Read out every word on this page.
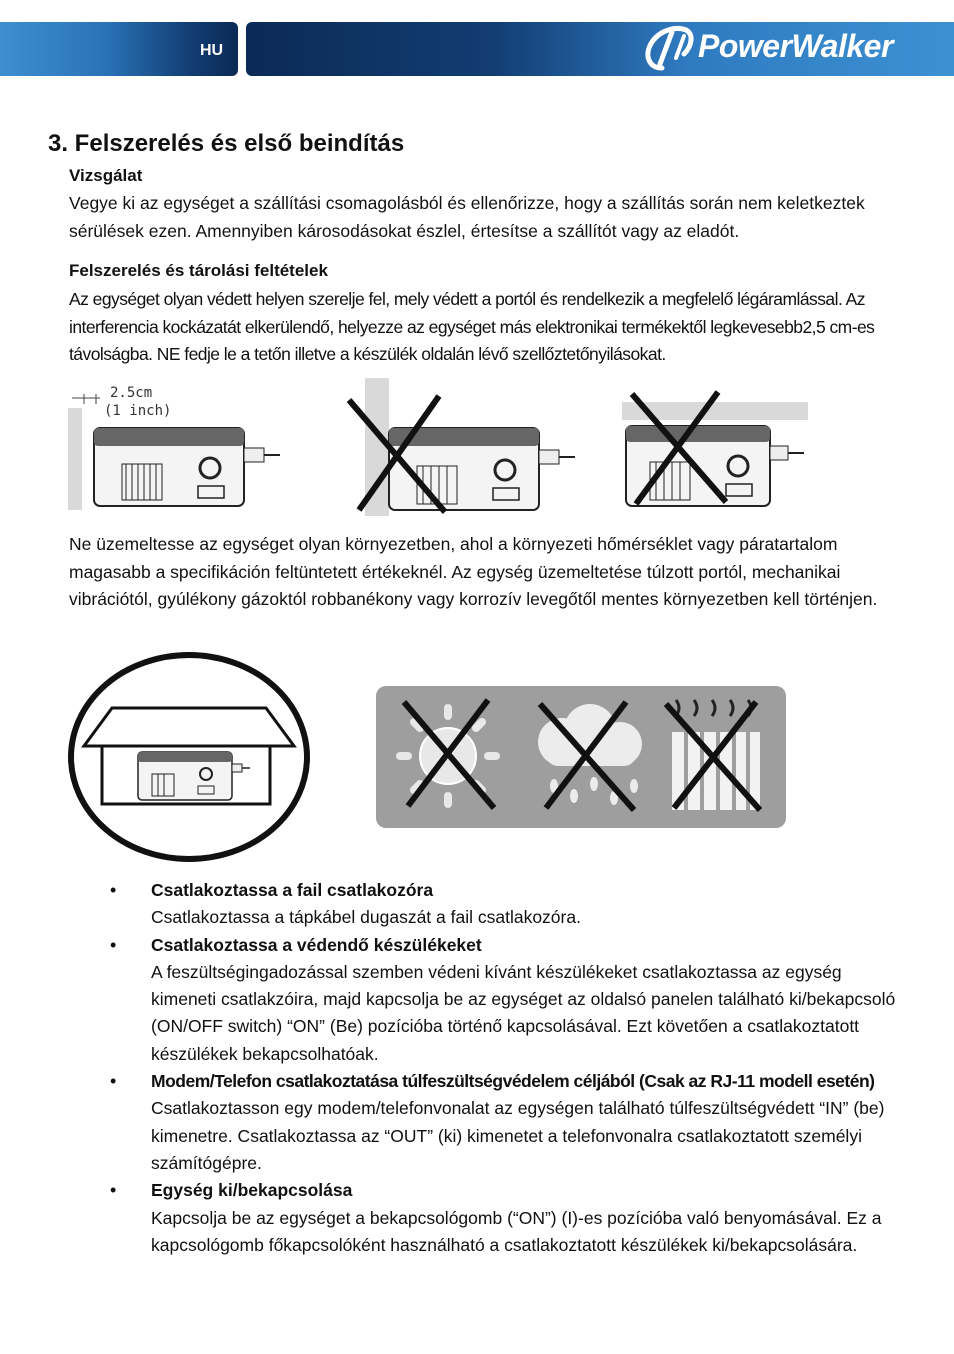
HU	PowerWalker
3. Felszerelés és első beindítás

Vizsgálat

Vegye ki az egységet a szállítási csomagolásból és ellenőrizze, hogy a szállítás során nem keletkeztek sérülések ezen. Amennyiben károsodásokat észlel, értesítse a szállítót vagy az eladót.

Felszerelés és tárolási feltételek

Az egységet olyan védett helyen szerelje fel, mely védett a portól és rendelkezik a megfelelő légáramlással. Az interferencia kockázatát elkerülendő, helyezze az egységet más elektronikai termékektől legkevesebb2,5 cm-es távolságba. NE fedje le a tetőn illetve a készülék oldalán lévő szellőztetőnyilásokat.

2.5cm
(1 inch)

Ne üzemeltesse az egységet olyan környezetben, ahol a környezeti hőmérséklet vagy páratartalom magasabb a specifikáción feltüntetett értékeknél. Az egység üzemeltetése túlzott portól, mechanikai vibrációtól, gyúlékony gázoktól robbanékony vagy korrozív levegőtől mentes környezetben kell történjen.

• Csatlakoztassa a fail csatlakozóra
Csatlakoztassa a tápkábel dugaszát a fail csatlakozóra.
• Csatlakoztassa a védendő készülékeket
A feszültségingadozással szemben védeni kívánt készülékeket csatlakoztassa az egység kimeneti csatlakzóira, majd kapcsolja be az egységet az oldalsó panelen található ki/bekapcsoló (ON/OFF switch) “ON” (Be) pozícióba történő kapcsolásával. Ezt követően a csatlakoztatott készülékek bekapcsolhatóak.
• Modem/Telefon csatlakoztatása túlfeszültségvédelem céljából (Csak az RJ-11 modell esetén)
Csatlakoztasson egy modem/telefonvonalat az egységen található túlfeszültségvédett “IN” (be) kimenetre. Csatlakoztassa az “OUT” (ki) kimenetet a telefonvonalra csatlakoztatott személyi számítógépre.
• Egység ki/bekapcsolása
Kapcsolja be az egységet a bekapcsológomb (“ON”) (I)-es pozícióba való benyomásával. Ez a kapcsológomb főkapcsolóként használható a csatlakoztatott készülékek ki/bekapcsolására.
